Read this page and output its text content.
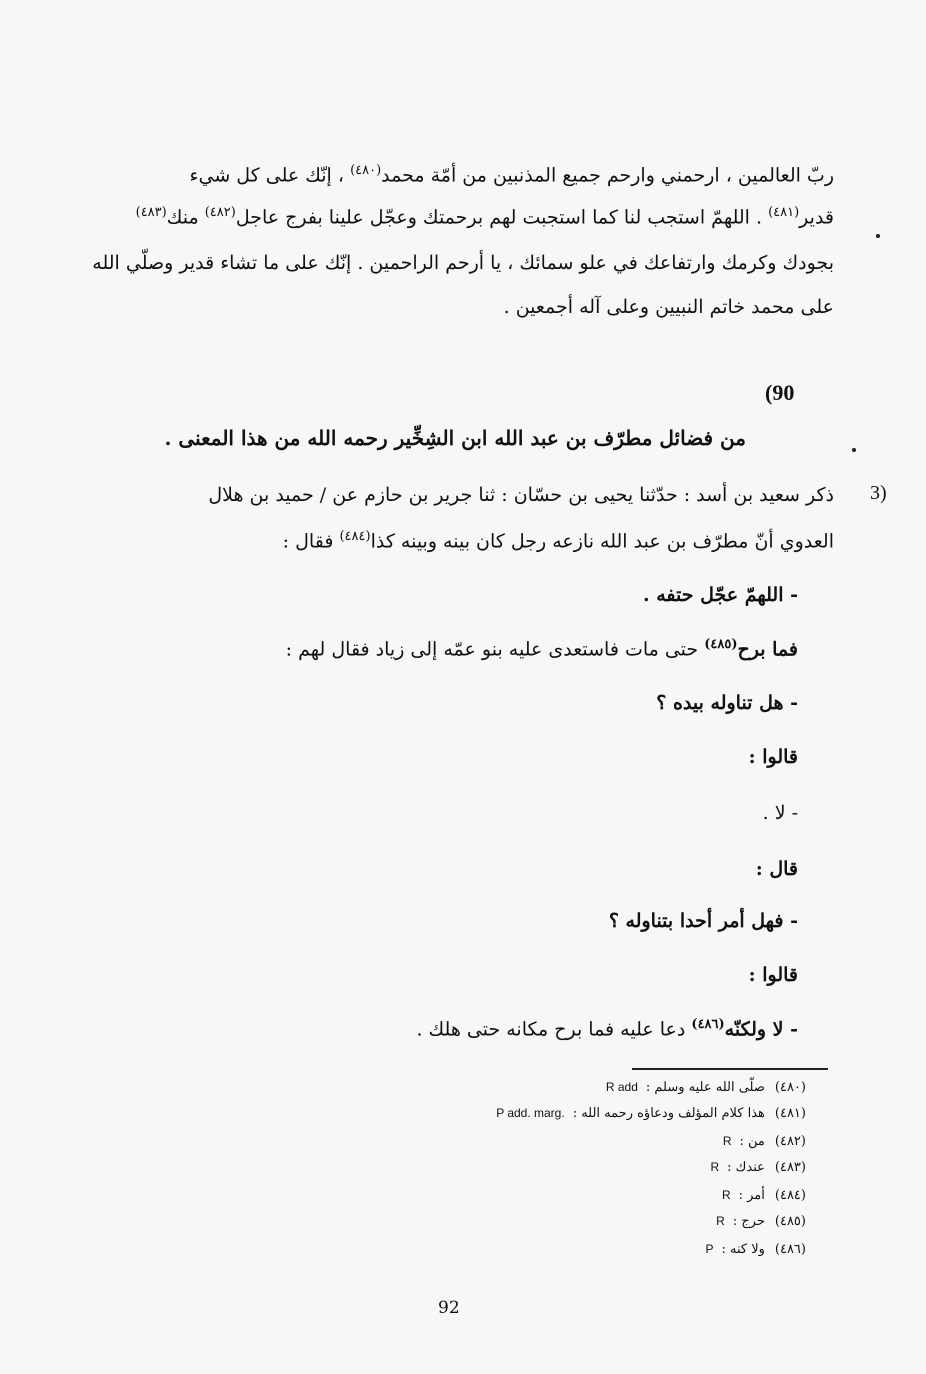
ربّ العالمين ، ارحمني وارحم جميع المذنبين من أمّة محمد$^{(٤٨٠)}$ ، إنّك على كل شيء
قدير$^{(٤٨١)}$ . اللهمّ استجب لنا كما استجبت لهم برحمتك وعجّل علينا بفرج عاجل$^{(٤٨٢)}$ منك$^{(٤٨٣)}$
بجودك وكرمك وارتفاعك في علو سمائك ، يا أرحم الراحمين . إنّك على ما تشاء قدير وصلّي الله
على محمد خاتم النبيين وعلى آله أجمعين .
(90
من فضائل مطرّف بن عبد الله ابن الشِخِّير رحمه الله من هذا المعنى .
3)
ذكر سعيد بن أسد : حدّثنا يحيى بن حسّان : ثنا جرير بن حازم عن / حميد بن هلال
العدوي أنّ مطرّف بن عبد الله نازعه رجل كان بينه وبينه كذا$^{(٤٨٤)}$ فقال :
- اللهمّ عجّل حتفه .
فما برح$^{(٤٨٥)}$ حتى مات فاستعدى عليه بنو عمّه إلى زياد فقال لهم :
- هل تناوله بيده ؟
قالوا :
- لا .
قال :
- فهل أمر أحدا بتناوله ؟
قالوا :
- لا ولكنّه$^{(٤٨٦)}$ دعا عليه فما برح مكانه حتى هلك .
(٤٨٠)صلّى الله عليه وسلم :R add
(٤٨١)هذا كلام المؤلف ودعاؤه رحمه الله :P add. marg.
(٤٨٢)من :R
(٤٨٣)عندك :R
(٤٨٤)أمر :R
(٤٨٥)حرج :R
(٤٨٦)ولا كنه :P
92
